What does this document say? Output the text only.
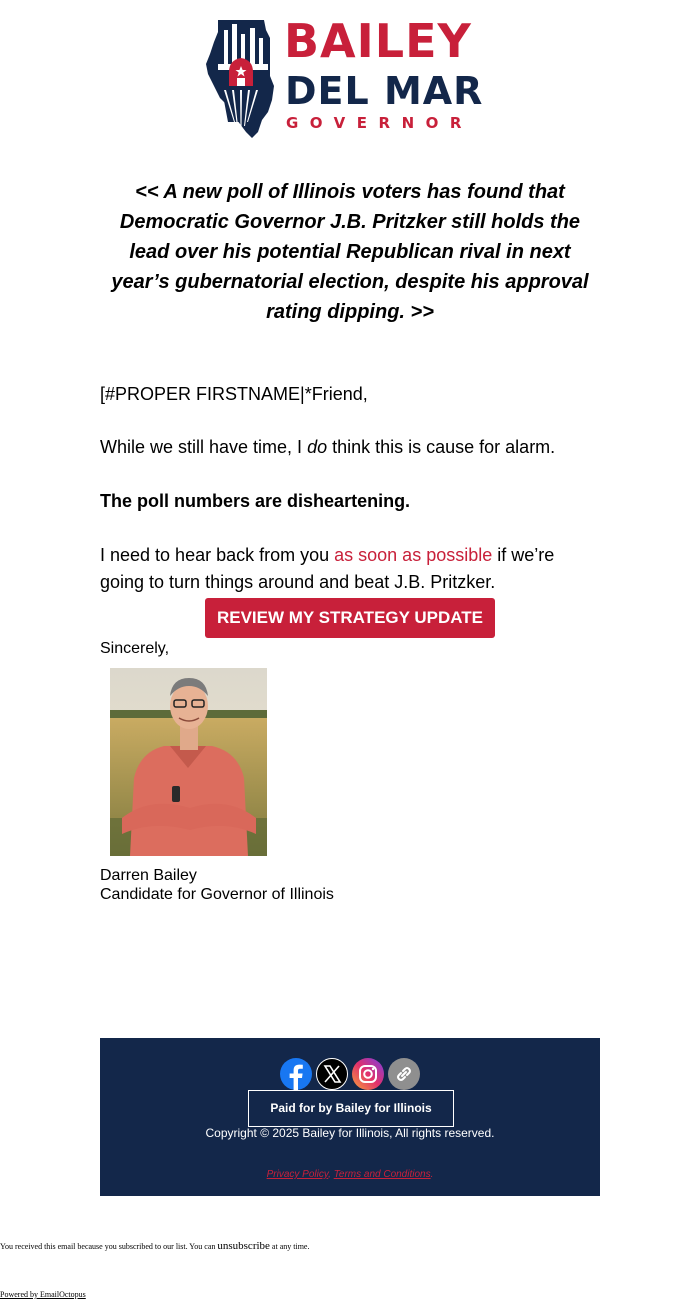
BAILEY
DEL MAR
GOVERNOR
<< A new poll of Illinois voters has found that Democratic Governor J.B. Pritzker still holds the lead over his potential Republican rival in next year’s gubernatorial election, despite his approval rating dipping. >>

[#PROPER FIRSTNAME|*Friend,

While we still have time, I do think this is cause for alarm.

The poll numbers are disheartening.

I need to hear back from you as soon as possible if we’re going to turn things around and beat J.B. Pritzker.

REVIEW MY STRATEGY UPDATE
Sincerely,
Darren Bailey
Candidate for Governor of Illinois
Paid for by Bailey for Illinois
Copyright © 2025 Bailey for Illinois, All rights reserved.
Privacy Policy, Terms and Conditions.
You received this email because you subscribed to our list. You can unsubscribe at any time.
Powered by EmailOctopus
